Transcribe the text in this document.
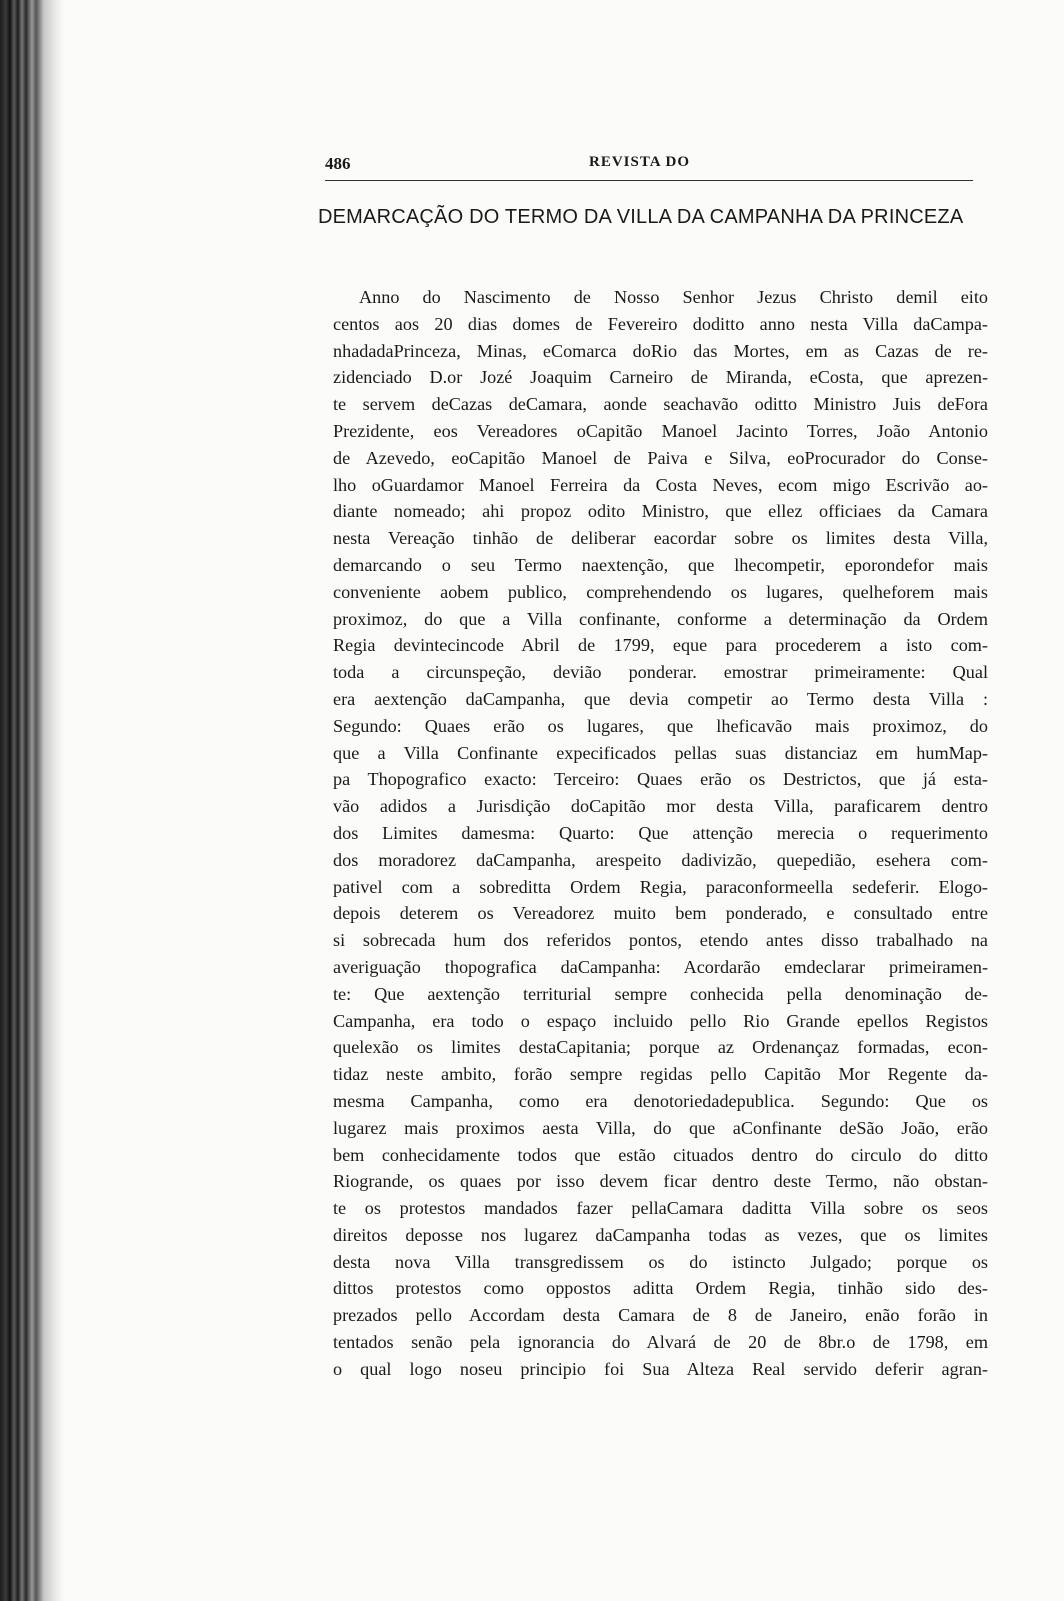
486	REVISTA DO
DEMARCAÇÃO DO TERMO DA VILLA DA CAMPANHA DA PRINCEZA
Anno do Nascimento de Nosso Senhor Jezus Christo demil eito
centos aos 20 dias domes de Fevereiro doditto anno nesta Villa daCampa-
nhadadaPrinceza, Minas, eComarca doRio das Mortes, em as Cazas de re-
zidenciado D.or Jozé Joaquim Carneiro de Miranda, eCosta, que aprezen-
te servem deCazas deCamara, aonde seachavão oditto Ministro Juis deFora
Prezidente, eos Vereadores oCapitão Manoel Jacinto Torres, João Antonio
de Azevedo, eoCapitão Manoel de Paiva e Silva, eoProcurador do Conse-
lho oGuardamor Manoel Ferreira da Costa Neves, ecom migo Escrivão ao-
diante nomeado; ahi propoz odito Ministro, que ellez officiaes da Camara
nesta Vereação tinhão de deliberar eacordar sobre os limites desta Villa,
demarcando o seu Termo naextenção, que lhecompetir, eporondefor mais
conveniente aobem publico, comprehendendo os lugares, quelheforem mais
proximoz, do que a Villa confinante, conforme a determinação da Ordem
Regia devintecincode Abril de 1799, eque para procederem a isto com-
toda a circunspeção, devião ponderar. emostrar primeiramente: Qual
era aextenção daCampanha, que devia competir ao Termo desta Villa :
Segundo: Quaes erão os lugares, que lheficavão mais proximoz, do
que a Villa Confinante expecificados pellas suas distanciaz em humMap-
pa Thopografico exacto: Terceiro: Quaes erão os Destrictos, que já esta-
vão adidos a Jurisdição doCapitão mor desta Villa, paraficarem dentro
dos Limites damesma: Quarto: Que attenção merecia o requerimento
dos moradorez daCampanha, arespeito dadivizão, quepedião, esehera com-
pativel com a sobreditta Ordem Regia, paraconformeella sedeferir. Elogo-
depois deterem os Vereadorez muito bem ponderado, e consultado entre
si sobrecada hum dos referidos pontos, etendo antes disso trabalhado na
averiguação thopografica daCampanha: Acordarão emdeclarar primeiramen-
te: Que aextenção territurial sempre conhecida pella denominação de-
Campanha, era todo o espaço incluido pello Rio Grande epellos Registos
quelexão os limites destaCapitania; porque az Ordenançaz formadas, econ-
tidaz neste ambito, forão sempre regidas pello Capitão Mor Regente da-
mesma Campanha, como era denotoriedadepublica. Segundo: Que os
lugarez mais proximos aesta Villa, do que aConfinante deSão João, erão
bem conhecidamente todos que estão cituados dentro do circulo do ditto
Riogrande, os quaes por isso devem ficar dentro deste Termo, não obstan-
te os protestos mandados fazer pellaCamara daditta Villa sobre os seos
direitos deposse nos lugarez daCampanha todas as vezes, que os limites
desta nova Villa transgredissem os do istincto Julgado; porque os
dittos protestos como oppostos aditta Ordem Regia, tinhão sido des-
prezados pello Accordam desta Camara de 8 de Janeiro, enão forão in
tentados senão pela ignorancia do Alvará de 20 de 8br.o de 1798, em
o qual logo noseu principio foi Sua Alteza Real servido deferir agran-
